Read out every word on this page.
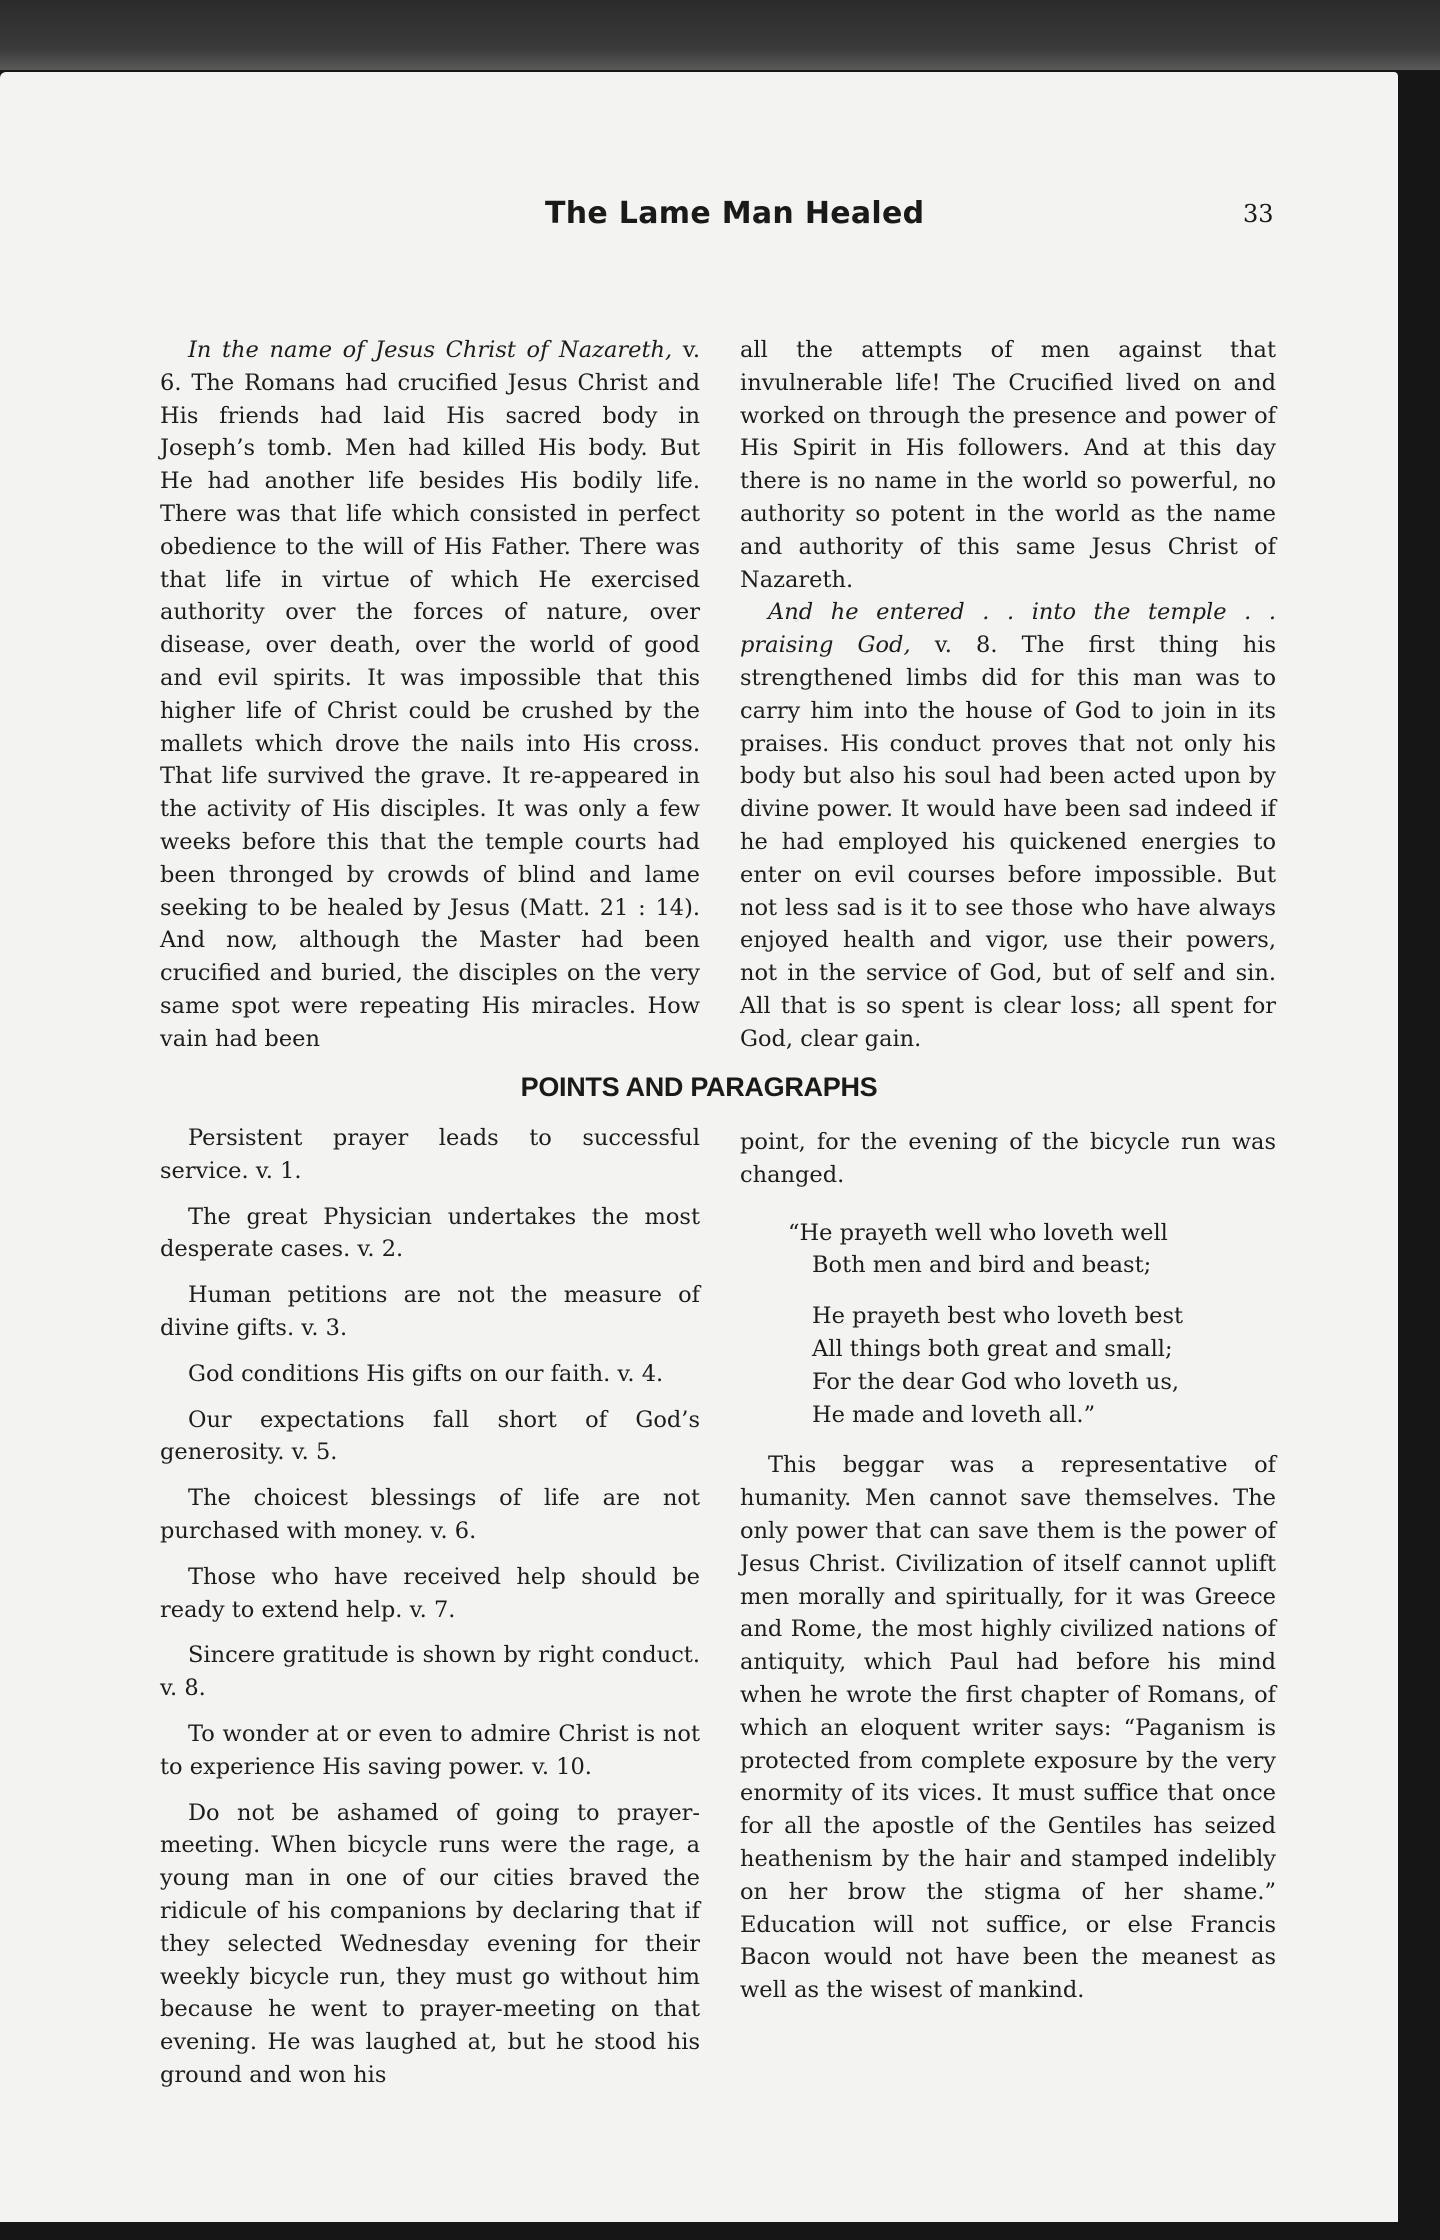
The Lame Man Healed	33

In the name of Jesus Christ of Nazareth, v. 6. The Romans had crucified Jesus Christ and His friends had laid His sacred body in Joseph’s tomb. Men had killed His body. But He had another life besides His bodily life. There was that life which consisted in perfect obedience to the will of His Father. There was that life in virtue of which He exercised authority over the forces of nature, over disease, over death, over the world of good and evil spirits. It was impossible that this higher life of Christ could be crushed by the mallets which drove the nails into His cross. That life survived the grave. It re-appeared in the activity of His disciples. It was only a few weeks before this that the temple courts had been thronged by crowds of blind and lame seeking to be healed by Jesus (Matt. 21 : 14). And now, although the Master had been crucified and buried, the disciples on the very same spot were repeating His miracles. How vain had been

all the attempts of men against that invulnerable life! The Crucified lived on and worked on through the presence and power of His Spirit in His followers. And at this day there is no name in the world so powerful, no authority so potent in the world as the name and authority of this same Jesus Christ of Nazareth.

And he entered . . into the temple . . praising God, v. 8. The first thing his strengthened limbs did for this man was to carry him into the house of God to join in its praises. His conduct proves that not only his body but also his soul had been acted upon by divine power. It would have been sad indeed if he had employed his quickened energies to enter on evil courses before impossible. But not less sad is it to see those who have always enjoyed health and vigor, use their powers, not in the service of God, but of self and sin. All that is so spent is clear loss; all spent for God, clear gain.

POINTS AND PARAGRAPHS

Persistent prayer leads to successful service. v. 1.

The great Physician undertakes the most desperate cases. v. 2.

Human petitions are not the measure of divine gifts. v. 3.

God conditions His gifts on our faith. v. 4.

Our expectations fall short of God’s generosity. v. 5.

The choicest blessings of life are not purchased with money. v. 6.

Those who have received help should be ready to extend help. v. 7.

Sincere gratitude is shown by right conduct. v. 8.

To wonder at or even to admire Christ is not to experience His saving power. v. 10.

Do not be ashamed of going to prayer-meeting. When bicycle runs were the rage, a young man in one of our cities braved the ridicule of his companions by declaring that if they selected Wednesday evening for their weekly bicycle run, they must go without him because he went to prayer-meeting on that evening. He was laughed at, but he stood his ground and won his

point, for the evening of the bicycle run was changed.

“He prayeth well who loveth well
Both men and bird and beast;
He prayeth best who loveth best
All things both great and small;
For the dear God who loveth us,
He made and loveth all.”

This beggar was a representative of humanity. Men cannot save themselves. The only power that can save them is the power of Jesus Christ. Civilization of itself cannot uplift men morally and spiritually, for it was Greece and Rome, the most highly civilized nations of antiquity, which Paul had before his mind when he wrote the first chapter of Romans, of which an eloquent writer says: “Paganism is protected from complete exposure by the very enormity of its vices. It must suffice that once for all the apostle of the Gentiles has seized heathenism by the hair and stamped indelibly on her brow the stigma of her shame.” Education will not suffice, or else Francis Bacon would not have been the meanest as well as the wisest of mankind.
